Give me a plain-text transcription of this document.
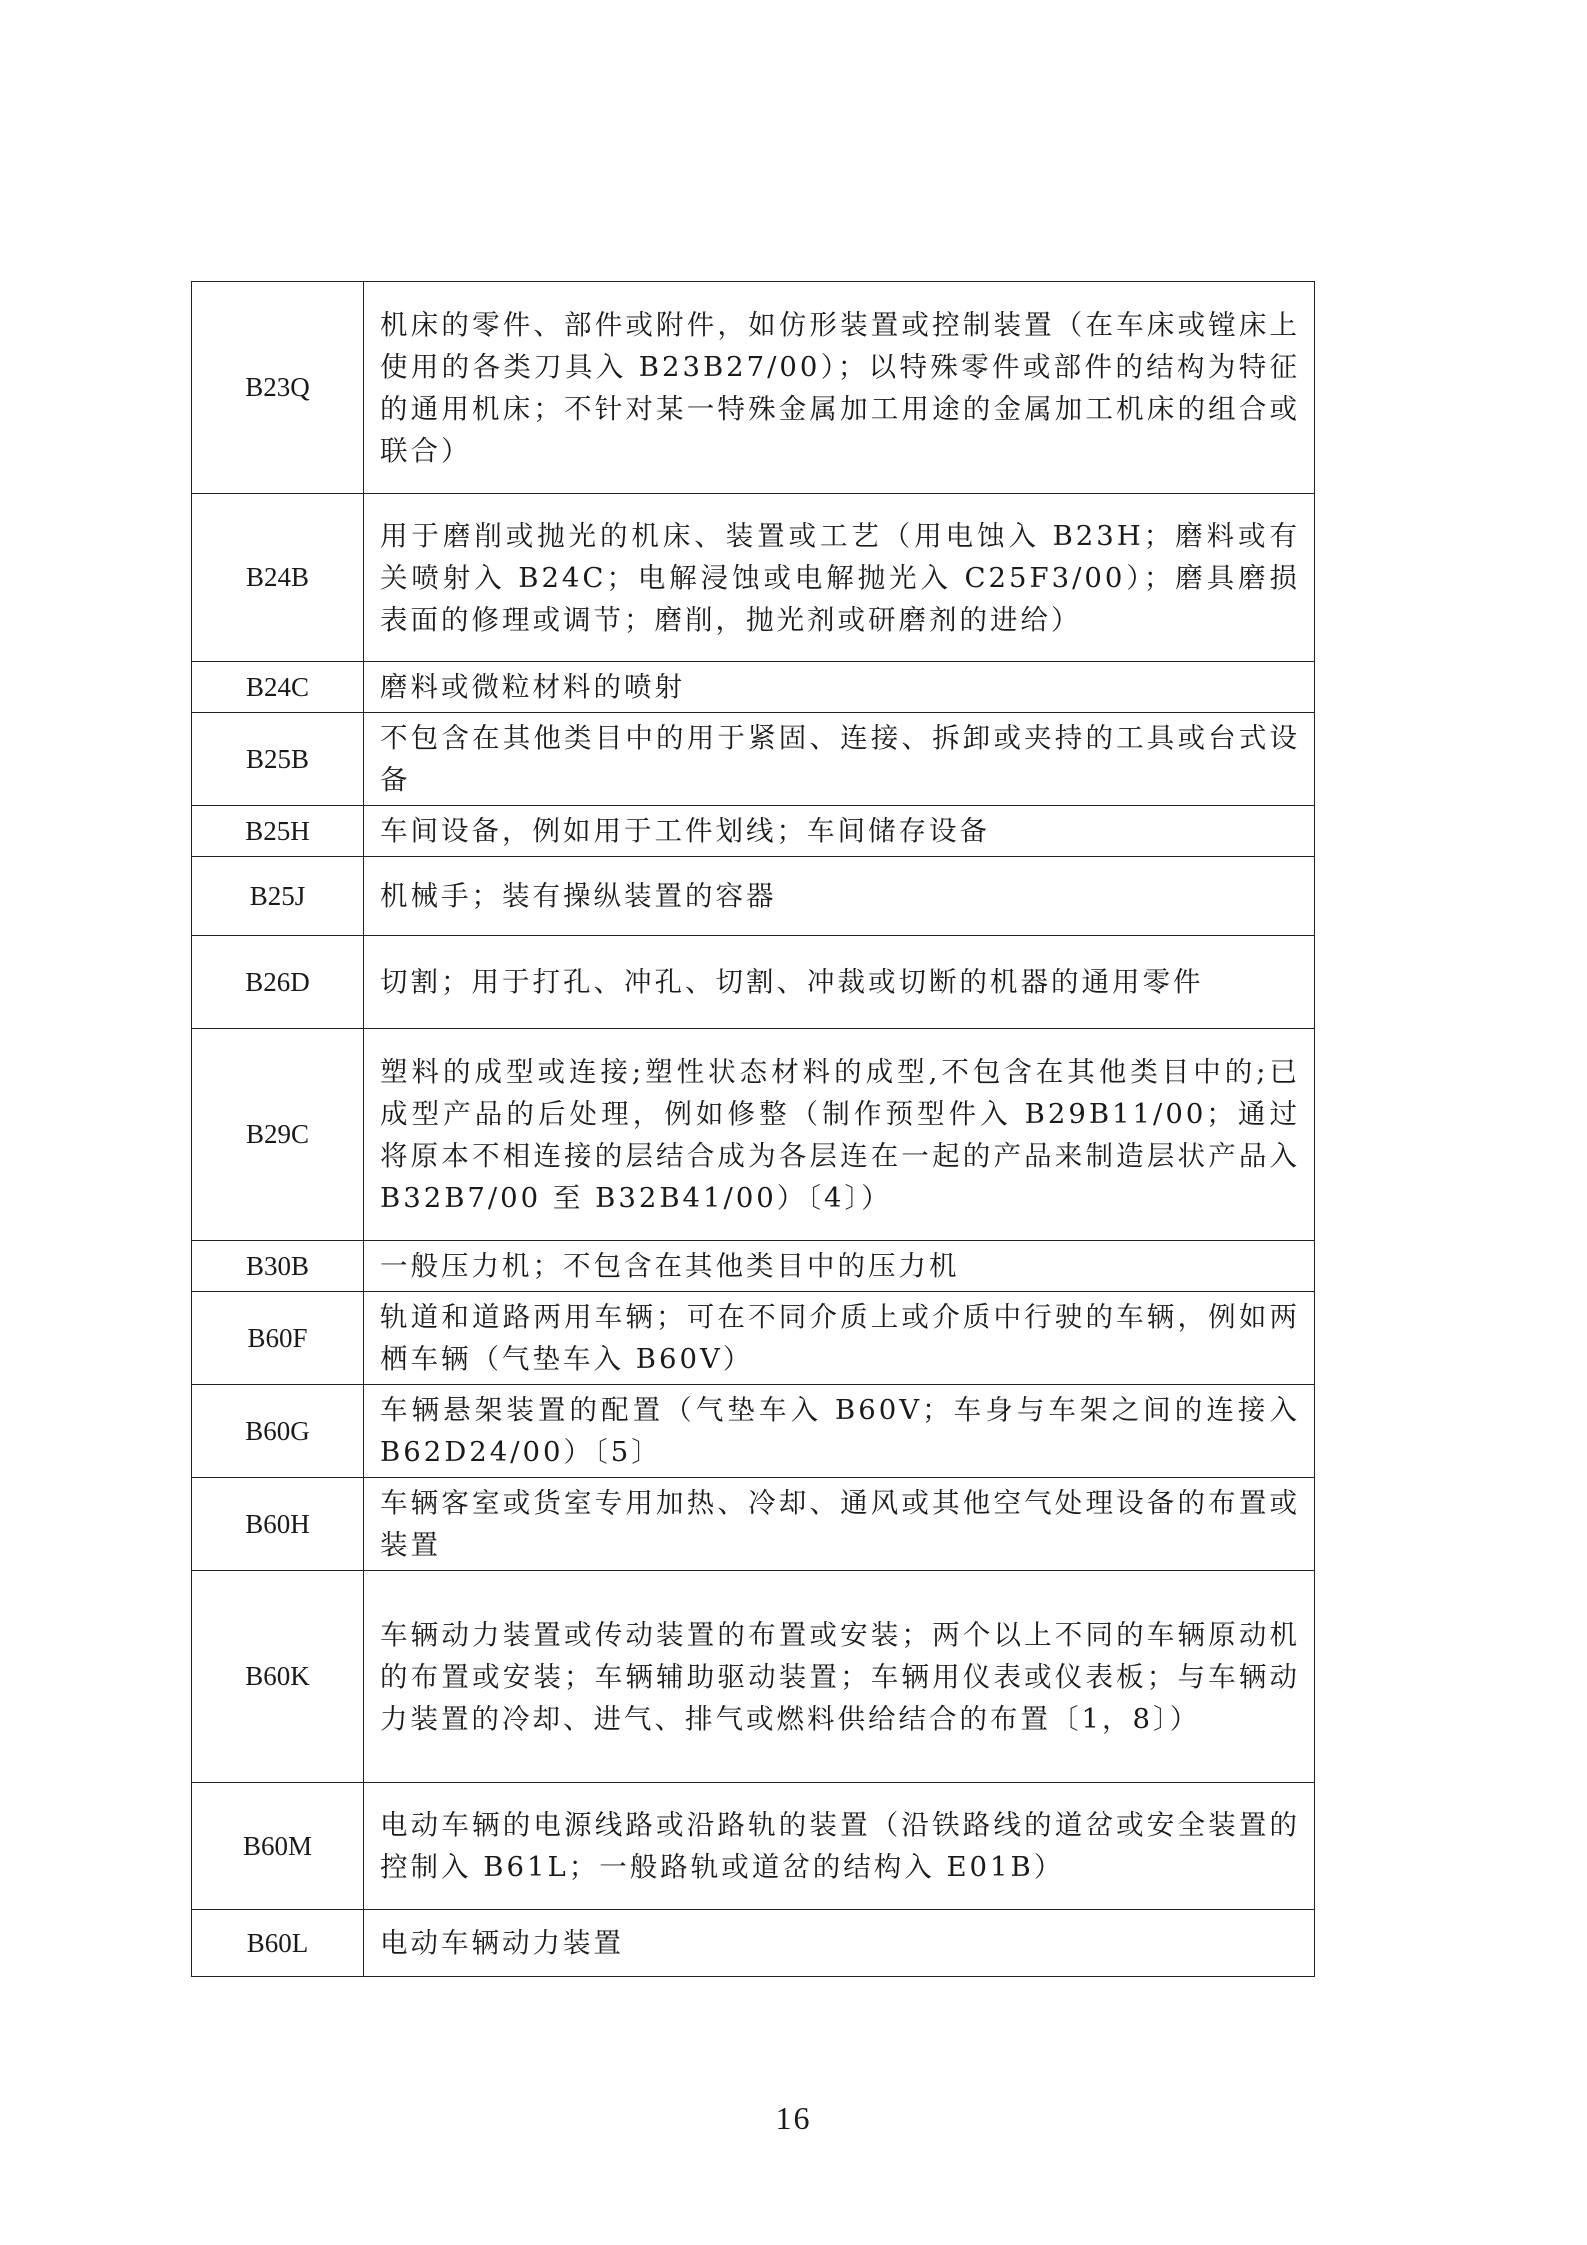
B23Q	机床的零件、部件或附件，如仿形装置或控制装置（在车床或镗床上使用的各类刀具入 B23B27/00）；以特殊零件或部件的结构为特征的通用机床；不针对某一特殊金属加工用途的金属加工机床的组合或联合）
B24B	用于磨削或抛光的机床、装置或工艺（用电蚀入 B23H；磨料或有关喷射入 B24C；电解浸蚀或电解抛光入 C25F3/00）；磨具磨损表面的修理或调节；磨削，抛光剂或研磨剂的进给）
B24C	磨料或微粒材料的喷射
B25B	不包含在其他类目中的用于紧固、连接、拆卸或夹持的工具或台式设备
B25H	车间设备，例如用于工件划线；车间储存设备
B25J	机械手；装有操纵装置的容器
B26D	切割；用于打孔、冲孔、切割、冲裁或切断的机器的通用零件
B29C	塑料的成型或连接;塑性状态材料的成型,不包含在其他类目中的;已成型产品的后处理，例如修整（制作预型件入 B29B11/00；通过将原本不相连接的层结合成为各层连在一起的产品来制造层状产品入 B32B7/00 至 B32B41/00）〔4〕）
B30B	一般压力机；不包含在其他类目中的压力机
B60F	轨道和道路两用车辆；可在不同介质上或介质中行驶的车辆，例如两栖车辆（气垫车入 B60V）
B60G	车辆悬架装置的配置（气垫车入 B60V；车身与车架之间的连接入 B62D24/00）〔5〕
B60H	车辆客室或货室专用加热、冷却、通风或其他空气处理设备的布置或装置
B60K	车辆动力装置或传动装置的布置或安装；两个以上不同的车辆原动机的布置或安装；车辆辅助驱动装置；车辆用仪表或仪表板；与车辆动力装置的冷却、进气、排气或燃料供给结合的布置〔1，8〕）
B60M	电动车辆的电源线路或沿路轨的装置（沿铁路线的道岔或安全装置的控制入 B61L；一般路轨或道岔的结构入 E01B）
B60L	电动车辆动力装置
16
